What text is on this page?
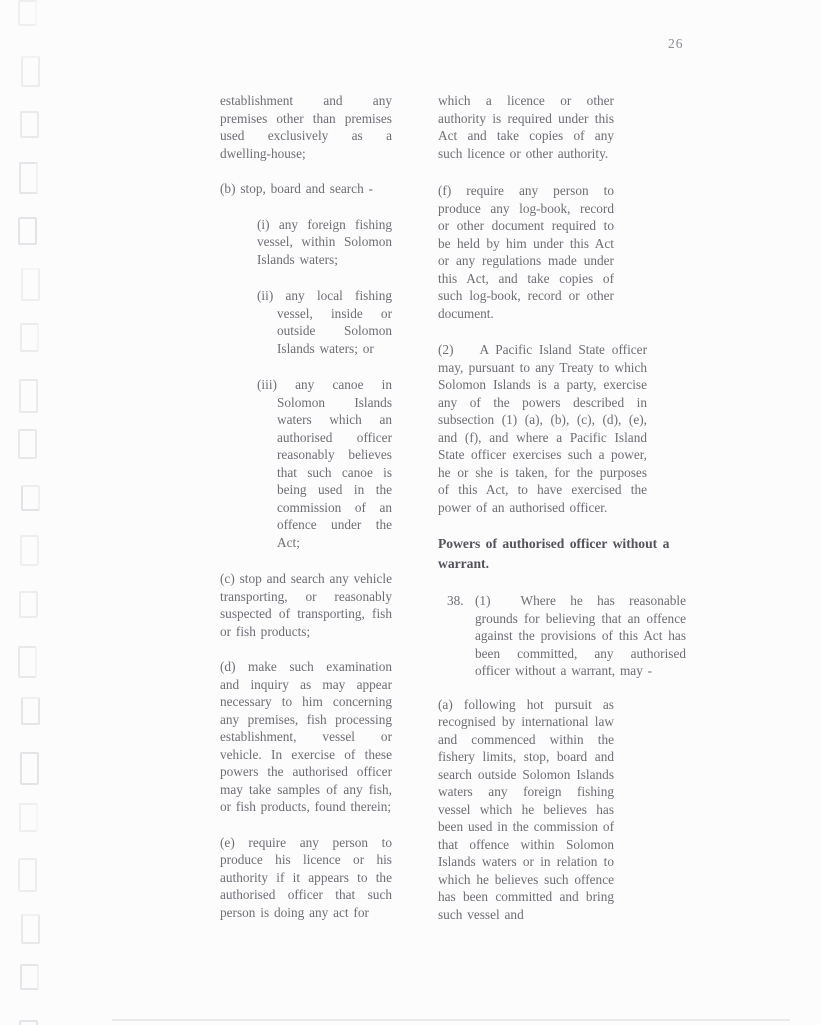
26

establishment and any premises other than premises used exclusively as a dwelling-house;

(b) stop, board and search -

(i) any foreign fishing vessel, within Solomon Islands waters;

(ii) any local fishing vessel, inside or outside Solomon Islands waters; or

(iii) any canoe in Solomon Islands waters which an authorised officer reasonably believes that such canoe is being used in the commission of an offence under the Act;

(c) stop and search any vehicle transporting, or reasonably suspected of transporting, fish or fish products;

(d) make such examination and inquiry as may appear necessary to him concerning any premises, fish processing establishment, vessel or vehicle. In exercise of these powers the authorised officer may take samples of any fish, or fish products, found therein;

(e) require any person to produce his licence or his authority if it appears to the authorised officer that such person is doing any act for

which a licence or other authority is required under this Act and take copies of any such licence or other authority.

(f) require any person to produce any log-book, record or other document required to be held by him under this Act or any regulations made under this Act, and take copies of such log-book, record or other document.

(2) A Pacific Island State officer may, pursuant to any Treaty to which Solomon Islands is a party, exercise any of the powers described in subsection (1) (a), (b), (c), (d), (e), and (f), and where a Pacific Island State officer exercises such a power, he or she is taken, for the purposes of this Act, to have exercised the power of an authorised officer.

Powers of authorised officer without a warrant.

38. (1) Where he has reasonable grounds for believing that an offence against the provisions of this Act has been committed, any authorised officer without a warrant, may -

(a) following hot pursuit as recognised by international law and commenced within the fishery limits, stop, board and search outside Solomon Islands waters any foreign fishing vessel which he believes has been used in the commission of that offence within Solomon Islands waters or in relation to which he believes such offence has been committed and bring such vessel and
